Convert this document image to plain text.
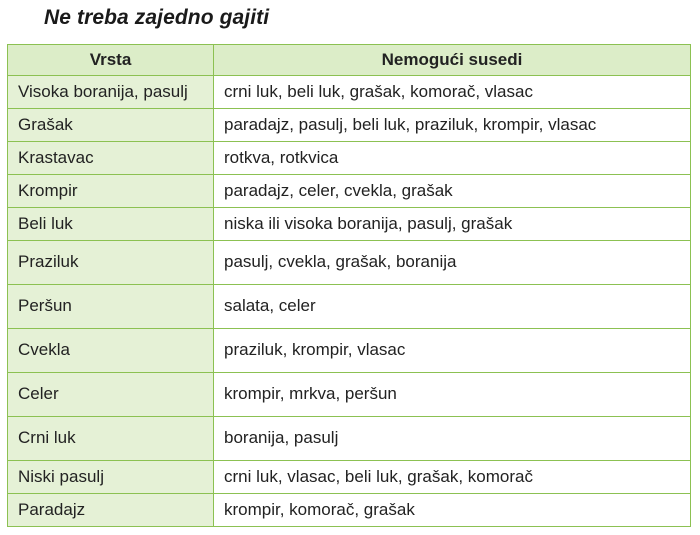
Ne treba zajedno gajiti
Vrsta	Nemogući susedi
Visoka boranija, pasulj	crni luk, beli luk, grašak, komorač, vlasac
Grašak	paradajz, pasulj, beli luk, praziluk, krompir, vlasac
Krastavac	rotkva, rotkvica
Krompir	paradajz, celer, cvekla, grašak
Beli luk	niska ili visoka boranija, pasulj, grašak
Praziluk	pasulj, cvekla, grašak, boranija
Peršun	salata, celer
Cvekla	praziluk, krompir, vlasac
Celer	krompir, mrkva, peršun
Crni luk	boranija, pasulj
Niski pasulj	crni luk, vlasac, beli luk, grašak, komorač
Paradajz	krompir, komorač, grašak
